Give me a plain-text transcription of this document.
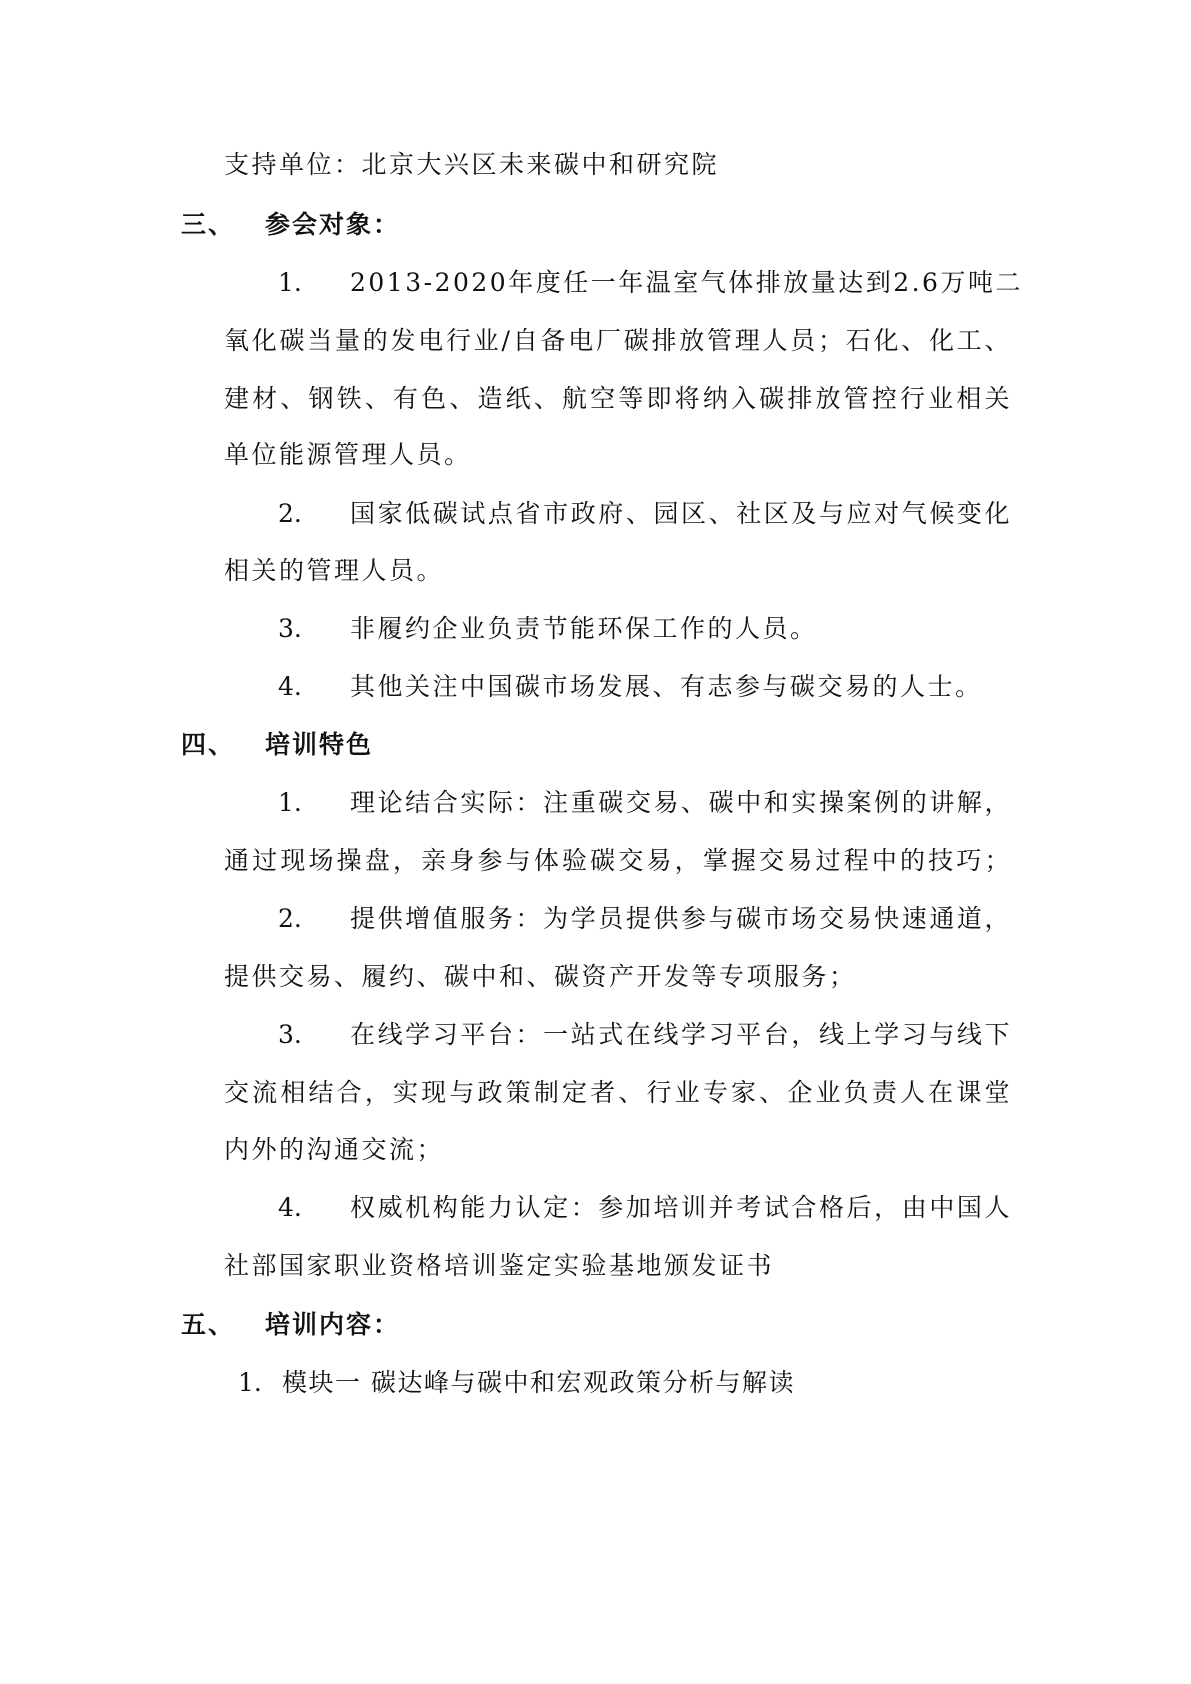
支持单位：北京大兴区未来碳中和研究院
三、 参会对象：
1. 2013-2020年度任一年温室气体排放量达到2.6万吨二
氧化碳当量的发电行业/自备电厂碳排放管理人员；石化、化工、
建材、钢铁、有色、造纸、航空等即将纳入碳排放管控行业相关
单位能源管理人员。
2. 国家低碳试点省市政府、园区、社区及与应对气候变化
相关的管理人员。
3. 非履约企业负责节能环保工作的人员。
4. 其他关注中国碳市场发展、有志参与碳交易的人士。
四、 培训特色
1. 理论结合实际：注重碳交易、碳中和实操案例的讲解，
通过现场操盘，亲身参与体验碳交易，掌握交易过程中的技巧；
2. 提供增值服务：为学员提供参与碳市场交易快速通道，
提供交易、履约、碳中和、碳资产开发等专项服务；
3. 在线学习平台：一站式在线学习平台，线上学习与线下
交流相结合，实现与政策制定者、行业专家、企业负责人在课堂
内外的沟通交流；
4. 权威机构能力认定：参加培训并考试合格后，由中国人
社部国家职业资格培训鉴定实验基地颁发证书
五、 培训内容：
1. 模块一 碳达峰与碳中和宏观政策分析与解读
